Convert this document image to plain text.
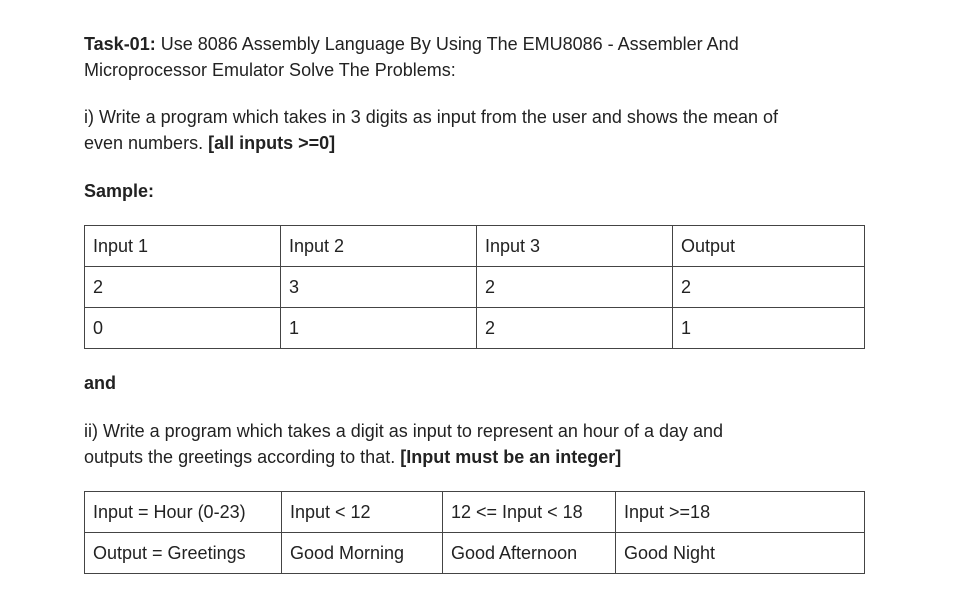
Task-01: Use 8086 Assembly Language By Using The EMU8086 - Assembler And
Microprocessor Emulator Solve The Problems:
i) Write a program which takes in 3 digits as input from the user and shows the mean of
even numbers. [all inputs >=0]
Sample:
Input 1	Input 2	Input 3	Output
2	3	2	2
0	1	2	1
and
ii) Write a program which takes a digit as input to represent an hour of a day and
outputs the greetings according to that. [Input must be an integer]
Input = Hour (0-23)	Input < 12	12 <= Input < 18	Input >=18
Output = Greetings	Good Morning	Good Afternoon	Good Night
